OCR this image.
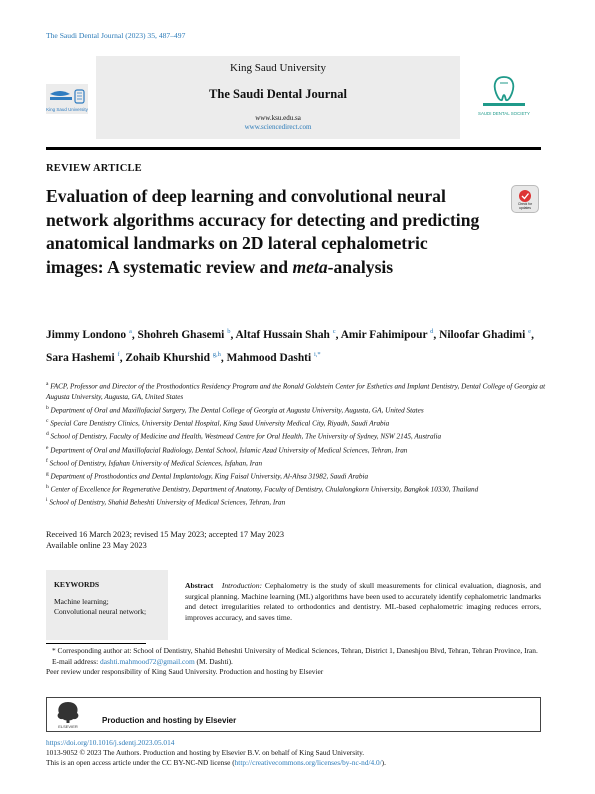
The Saudi Dental Journal (2023) 35, 487–497
King Saud University
King Saud University
The Saudi Dental Journal
www.ksu.edu.sa
www.sciencedirect.com
SAUDI DENTAL SOCIETY
REVIEW ARTICLE
Evaluation of deep learning and convolutional neural network algorithms accuracy for detecting and predicting anatomical landmarks on 2D lateral cephalometric images: A systematic review and meta-analysis
Check for updates
Jimmy Londono $^a$, Shohreh Ghasemi $^b$, Altaf Hussain Shah $^c$, Amir Fahimipour $^d$, Niloofar Ghadimi $^e$, Sara Hashemi $^f$, Zohaib Khurshid $^{g,h}$, Mahmood Dashti $^{i,*}$
$^a$ FACP, Professor and Director of the Prosthodontics Residency Program and the Ronald Goldstein Center for Esthetics and Implant Dentistry, Dental College of Georgia at Augusta University, Augusta, GA, United States
$^b$ Department of Oral and Maxillofacial Surgery, The Dental College of Georgia at Augusta University, Augusta, GA, United States
$^c$ Special Care Dentistry Clinics, University Dental Hospital, King Saud University Medical City, Riyadh, Saudi Arabia
$^d$ School of Dentistry, Faculty of Medicine and Health, Westmead Centre for Oral Health, The University of Sydney, NSW 2145, Australia
$^e$ Department of Oral and Maxillofacial Radiology, Dental School, Islamic Azad University of Medical Sciences, Tehran, Iran
$^f$ School of Dentistry, Isfahan University of Medical Sciences, Isfahan, Iran
$^g$ Department of Prosthodontics and Dental Implantology, King Faisal University, Al-Ahsa 31982, Saudi Arabia
$^h$ Center of Excellence for Regenerative Dentistry, Department of Anatomy, Faculty of Dentistry, Chulalongkorn University, Bangkok 10330, Thailand
$^i$ School of Dentistry, Shahid Beheshti University of Medical Sciences, Tehran, Iran
Received 16 March 2023; revised 15 May 2023; accepted 17 May 2023
Available online 23 May 2023
KEYWORDS
Machine learning;
Convolutional neural network;
Abstract Introduction: Cephalometry is the study of skull measurements for clinical evaluation, diagnosis, and surgical planning. Machine learning (ML) algorithms have been used to accurately identify cephalometric landmarks and detect irregularities related to orthodontics and dentistry. ML-based cephalometric imaging reduces errors, improves accuracy, and saves time.
* Corresponding author at: School of Dentistry, Shahid Beheshti University of Medical Sciences, Tehran, District 1, Daneshjou Blvd, Tehran, Tehran Province, Iran.
E-mail address: dashti.mahmood72@gmail.com (M. Dashti).
Peer review under responsibility of King Saud University. Production and hosting by Elsevier
ELSEVIER
Production and hosting by Elsevier
https://doi.org/10.1016/j.sdentj.2023.05.014
1013-9052 © 2023 The Authors. Production and hosting by Elsevier B.V. on behalf of King Saud University.
This is an open access article under the CC BY-NC-ND license (http://creativecommons.org/licenses/by-nc-nd/4.0/).
